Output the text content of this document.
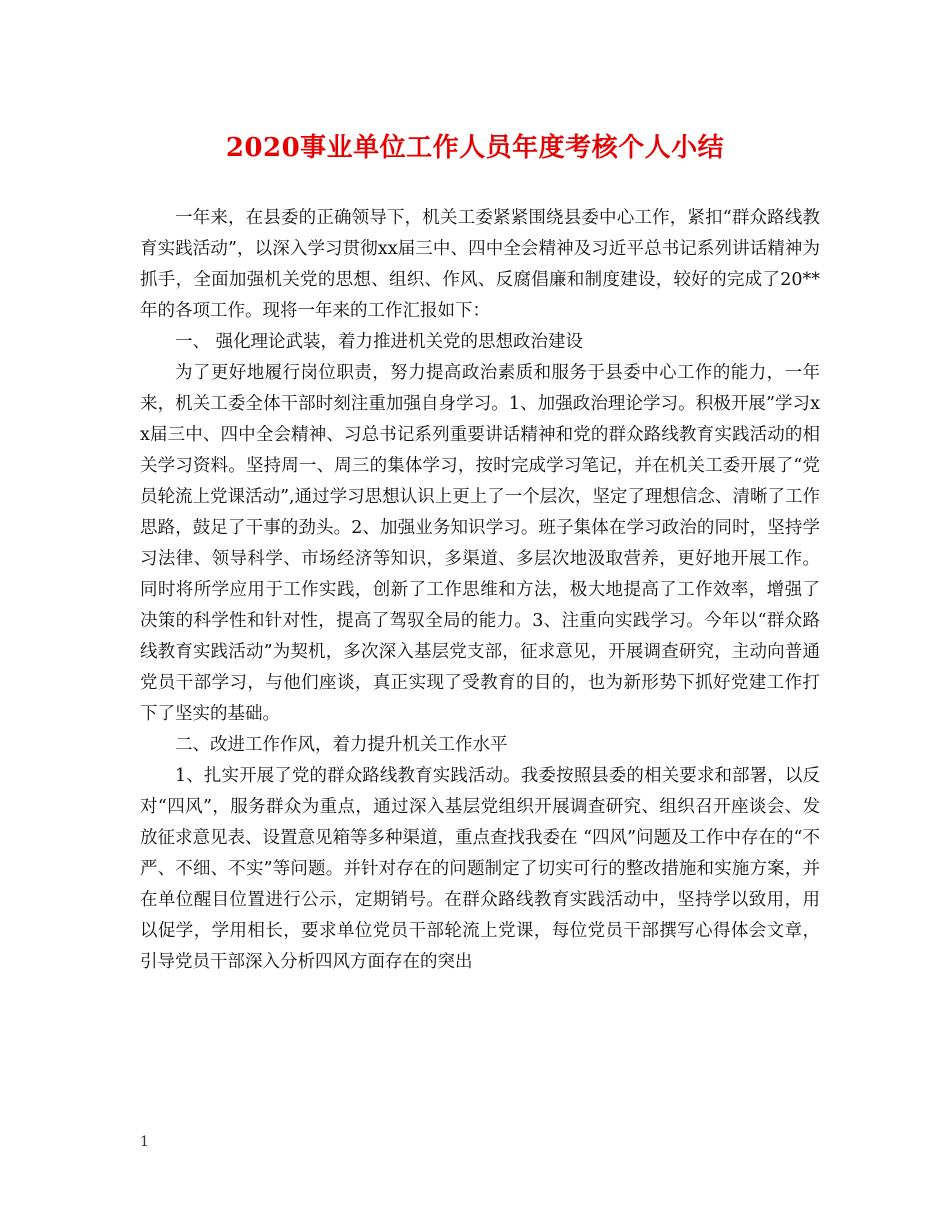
2020事业单位工作人员年度考核个人小结

一年来，在县委的正确领导下，机关工委紧紧围绕县委中心工作，紧扣“群众路线教育实践活动”，以深入学习贯彻xx届三中、四中全会精神及习近平总书记系列讲话精神为抓手，全面加强机关党的思想、组织、作风、反腐倡廉和制度建设，较好的完成了20**年的各项工作。现将一年来的工作汇报如下：

一、 强化理论武装，着力推进机关党的思想政治建设

为了更好地履行岗位职责，努力提高政治素质和服务于县委中心工作的能力，一年来，机关工委全体干部时刻注重加强自身学习。1、加强政治理论学习。积极开展”学习xx届三中、四中全会精神、习总书记系列重要讲话精神和党的群众路线教育实践活动的相关学习资料。坚持周一、周三的集体学习，按时完成学习笔记，并在机关工委开展了“党员轮流上党课活动”,通过学习思想认识上更上了一个层次，坚定了理想信念、清晰了工作思路，鼓足了干事的劲头。2、加强业务知识学习。班子集体在学习政治的同时，坚持学习法律、领导科学、市场经济等知识，多渠道、多层次地汲取营养，更好地开展工作。同时将所学应用于工作实践，创新了工作思维和方法，极大地提高了工作效率，增强了决策的科学性和针对性，提高了驾驭全局的能力。3、注重向实践学习。今年以“群众路线教育实践活动”为契机，多次深入基层党支部，征求意见，开展调查研究，主动向普通党员干部学习，与他们座谈，真正实现了受教育的目的，也为新形势下抓好党建工作打下了坚实的基础。

二、改进工作作风，着力提升机关工作水平

1、扎实开展了党的群众路线教育实践活动。我委按照县委的相关要求和部署，以反对“四风”，服务群众为重点，通过深入基层党组织开展调查研究、组织召开座谈会、发放征求意见表、设置意见箱等多种渠道，重点查找我委在 “四风”问题及工作中存在的“不严、不细、不实”等问题。并针对存在的问题制定了切实可行的整改措施和实施方案，并在单位醒目位置进行公示，定期销号。在群众路线教育实践活动中，坚持学以致用，用以促学，学用相长，要求单位党员干部轮流上党课，每位党员干部撰写心得体会文章，引导党员干部深入分析四风方面存在的突出

1
